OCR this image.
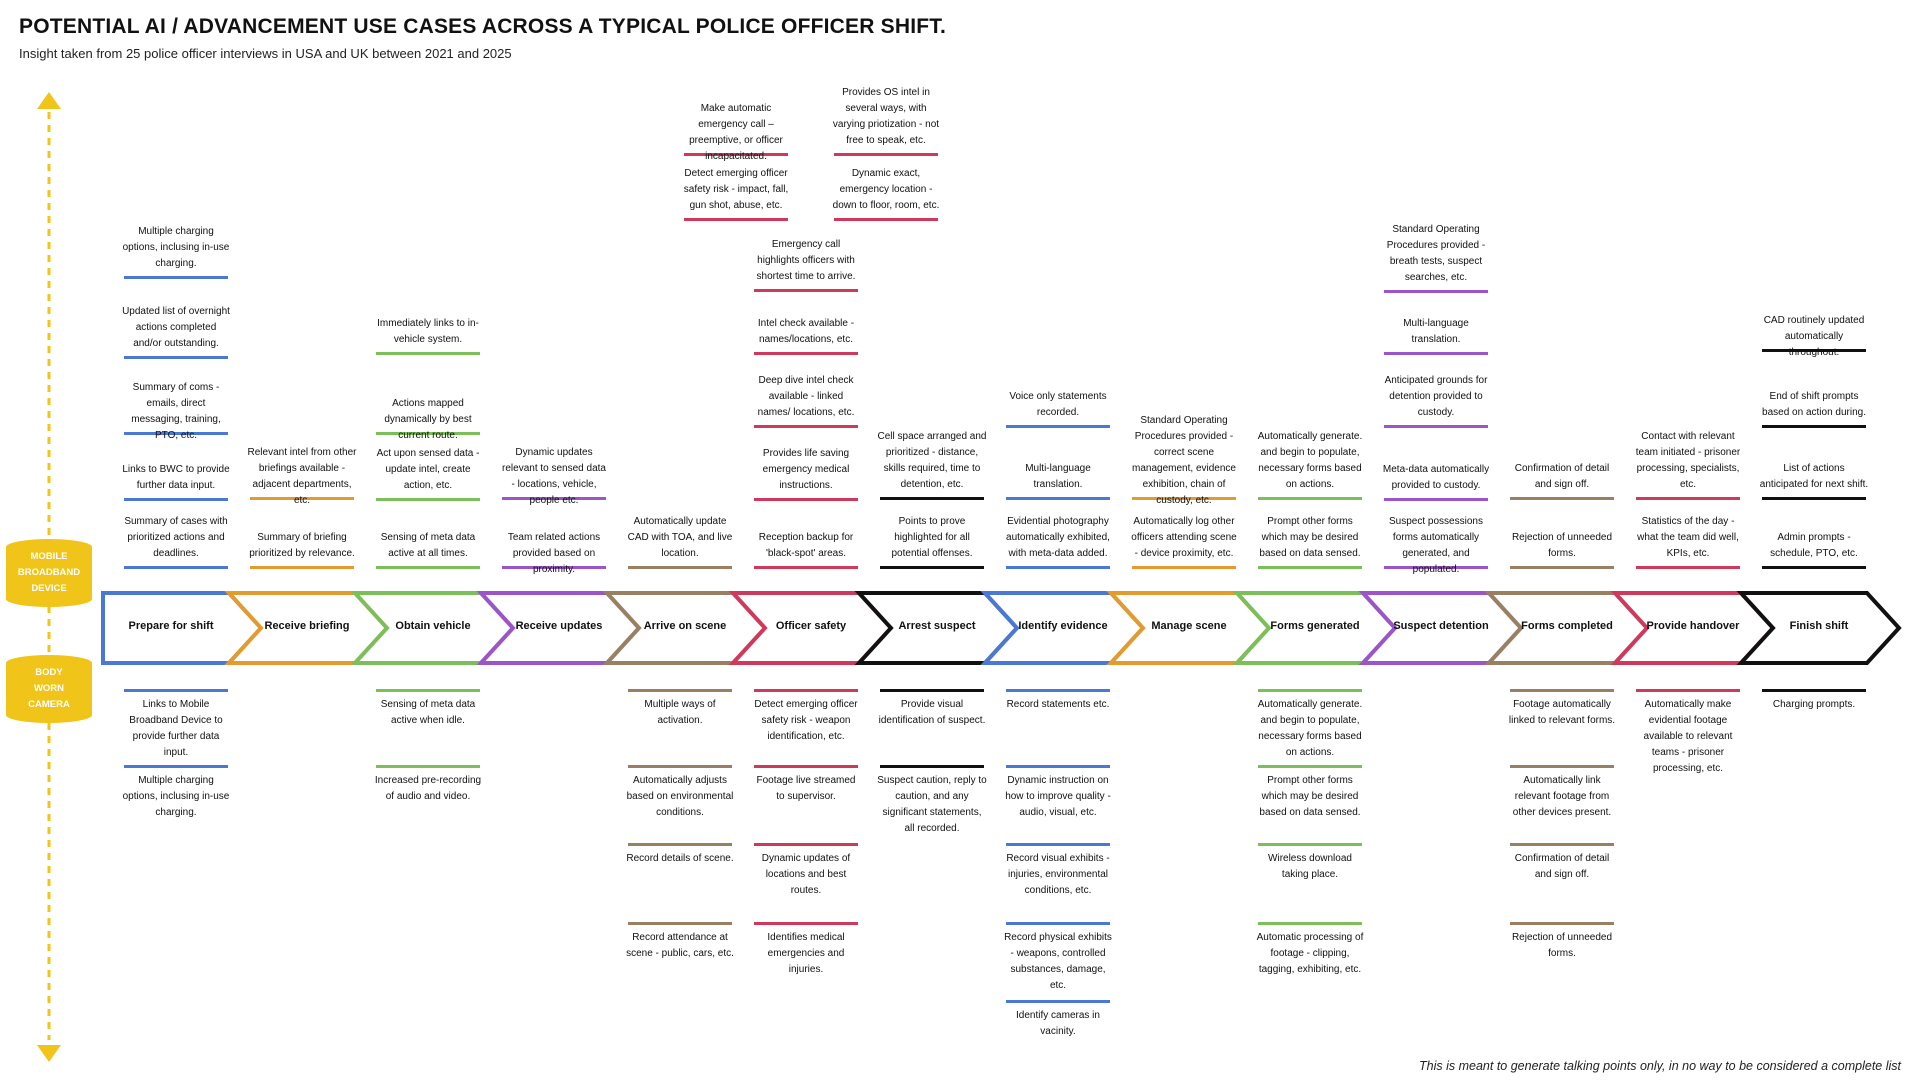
POTENTIAL AI / ADVANCEMENT USE CASES ACROSS A TYPICAL POLICE OFFICER SHIFT.
Insight taken from 25 police officer interviews in USA and UK between 2021 and 2025
MOBILE
BROADBAND
DEVICE
BODY
WORN
CAMERA
Prepare for shift
Multiple charging options, inclusing in-use charging.
Updated list of overnight actions completed and/or outstanding.
Summary of coms - emails, direct messaging, training, PTO, etc.
Links to BWC to provide further data input.
Summary of cases with prioritized actions and deadlines.
Links to Mobile Broadband Device to provide further data input.
Multiple charging options, inclusing in-use charging.
Receive briefing
Relevant intel from other briefings available - adjacent departments, etc.
Summary of briefing prioritized by relevance.
Obtain vehicle
Immediately links to in-vehicle system.
Actions mapped dynamically by best current route.
Act upon sensed data - update intel, create action, etc.
Sensing of meta data active at all times.
Sensing of meta data active when idle.
Increased pre-recording of audio and video.
Receive updates
Dynamic updates relevant to sensed data - locations, vehicle, people etc.
Team related actions provided based on proximity.
Arrive on scene
Automatically update CAD with TOA, and live location.
Multiple ways of activation.
Automatically adjusts based on environmental conditions.
Record details of scene.
Record attendance at scene - public, cars, etc.
Officer safety
Make automatic emergency call – preemptive, or officer incapacitated.
Provides OS intel in several ways, with varying priotization - not free to speak, etc.
Detect emerging officer safety risk - impact, fall, gun shot, abuse, etc.
Dynamic exact, emergency location - down to floor, room, etc.
Emergency call highlights officers with shortest time to arrive.
Intel check available - names/locations, etc.
Deep dive intel check available - linked names/ locations, etc.
Provides life saving emergency medical instructions.
Reception backup for 'black-spot' areas.
Detect emerging officer safety risk - weapon identification, etc.
Footage live streamed to supervisor.
Dynamic updates of locations and best routes.
Identifies medical emergencies and injuries.
Arrest suspect
Cell space arranged and prioritized - distance, skills required, time to detention, etc.
Points to prove highlighted for all potential offenses.
Provide visual identification of suspect.
Suspect caution, reply to caution, and any significant statements, all recorded.
Identify evidence
Voice only statements recorded.
Multi-language translation.
Evidential photography automatically exhibited, with meta-data added.
Record statements etc.
Dynamic instruction on how to improve quality - audio, visual, etc.
Record visual exhibits - injuries, environmental conditions, etc.
Record physical exhibits - weapons, controlled substances, damage, etc.
Identify cameras in vacinity.
Manage scene
Standard Operating Procedures provided - correct scene management, evidence exhibition, chain of custody, etc.
Automatically log other officers attending scene - device proximity, etc.
Forms generated
Automatically generate. and begin to populate, necessary forms based on actions.
Prompt other forms which may be desired based on data sensed.
Automatically generate. and begin to populate, necessary forms based on actions.
Prompt other forms which may be desired based on data sensed.
Wireless download taking place.
Automatic processing of footage - clipping, tagging, exhibiting, etc.
Suspect detention
Standard Operating Procedures provided - breath tests, suspect searches, etc.
Multi-language translation.
Anticipated grounds for detention provided to custody.
Meta-data automatically provided to custody.
Suspect possessions forms automatically generated, and populated.
Forms completed
Confirmation of detail and sign off.
Rejection of unneeded forms.
Footage automatically linked to relevant forms.
Automatically link relevant footage from other devices present.
Confirmation of detail and sign off.
Rejection of unneeded forms.
Provide handover
Contact with relevant team initiated - prisoner processing, specialists, etc.
Statistics of the day - what the team did well, KPIs, etc.
Automatically make evidential footage available to relevant teams - prisoner processing, etc.
Finish shift
CAD routinely updated automatically throughout.
End of shift prompts based on action during.
List of actions anticipated for next shift.
Admin prompts - schedule, PTO, etc.
Charging prompts.
This is meant to generate talking points only, in no way to be considered a complete list
